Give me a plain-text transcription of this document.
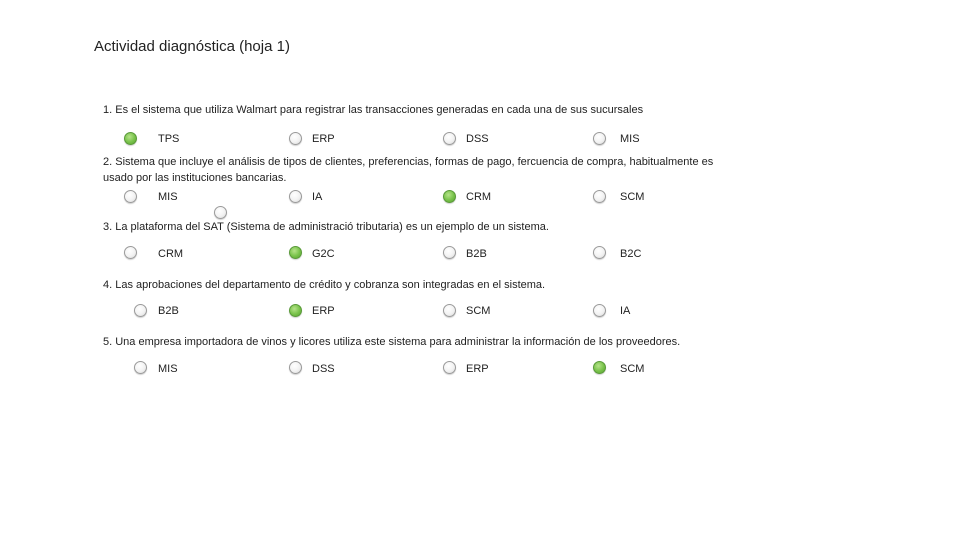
Actividad diagnóstica (hoja 1)
1. Es el sistema que utiliza Walmart para registrar las transacciones generadas en cada una de sus sucursales
TPS	ERP	DSS	MIS
2. Sistema que incluye el análisis de tipos de clientes, preferencias, formas de pago, fercuencia de compra, habitualmente es usado por las instituciones bancarias.
MIS	IA	CRM	SCM
3. La plataforma del SAT (Sistema de administració tributaria) es un ejemplo de un sistema.
CRM	G2C	B2B	B2C
4. Las aprobaciones del departamento de crédito y cobranza son integradas en el sistema.
B2B	ERP	SCM	IA
5. Una empresa importadora de vinos y licores utiliza este sistema para administrar la información de los proveedores.
MIS	DSS	ERP	SCM
